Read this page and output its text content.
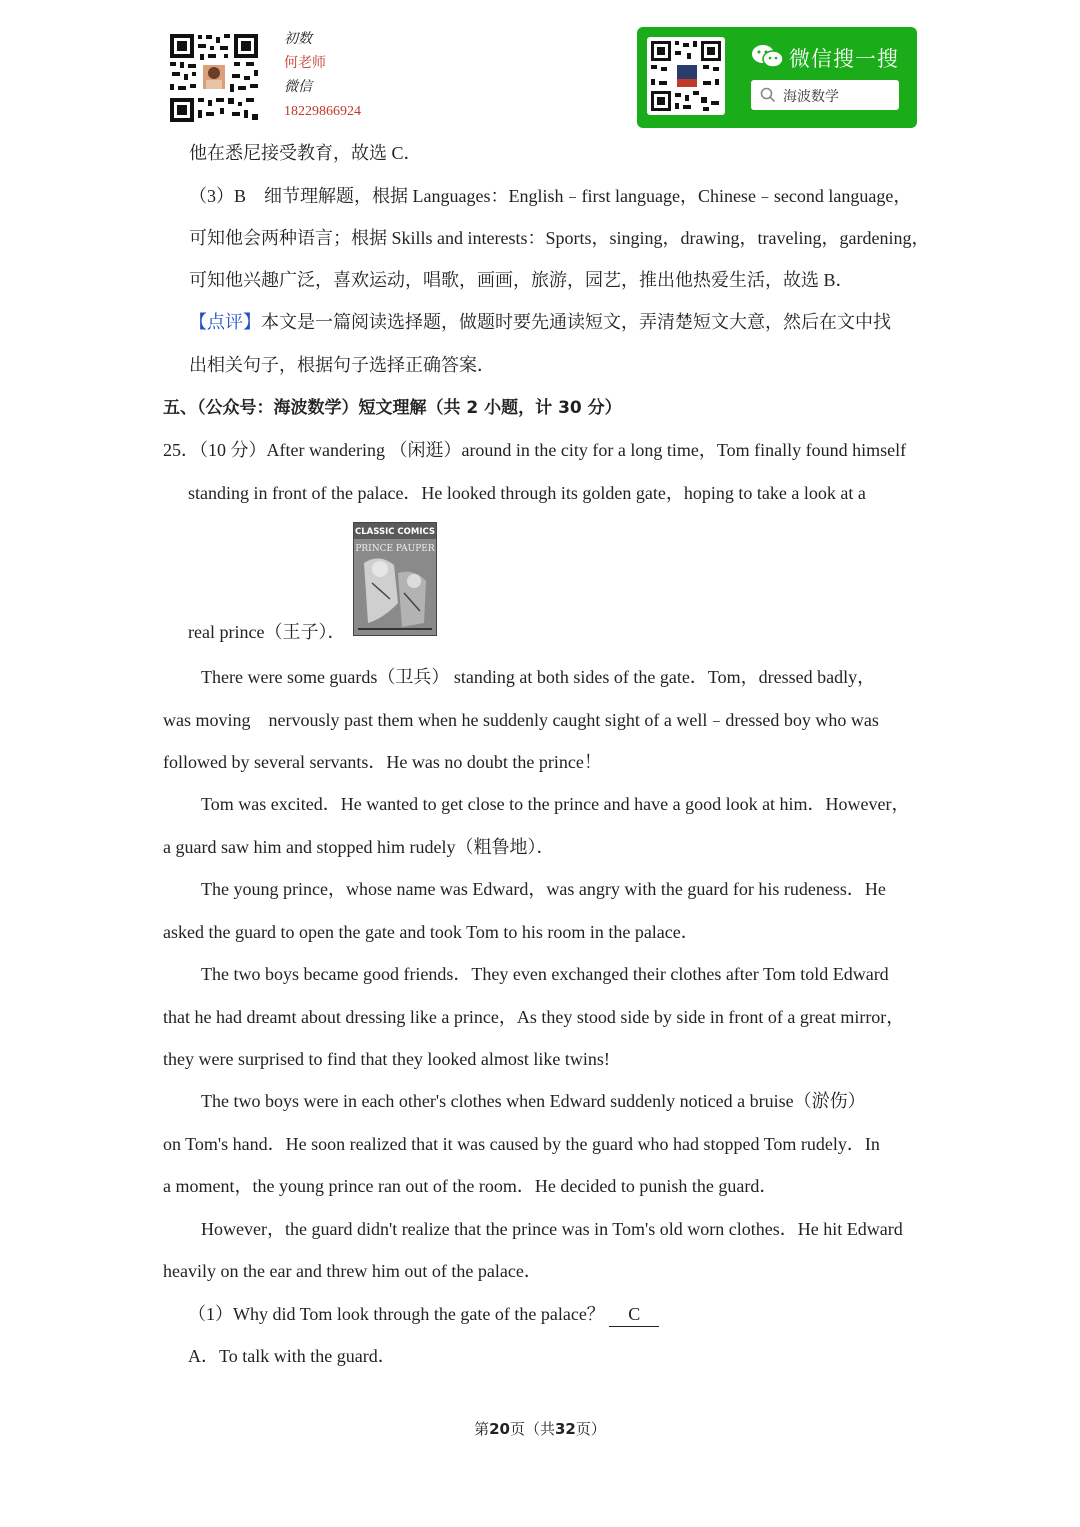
初数
何老师
微信
18229866924
微信搜一搜
海波数学
他在悉尼接受教育，故选 C．
（3）B　细节理解题，根据 Languages：English﹣first language，Chinese﹣second language，
可知他会两种语言；根据 Skills and interests：Sports，singing，drawing，traveling，gardening，
可知他兴趣广泛，喜欢运动，唱歌，画画，旅游，园艺，推出他热爱生活，故选 B．
【点评】本文是一篇阅读选择题，做题时要先通读短文，弄清楚短文大意，然后在文中找
出相关句子，根据句子选择正确答案．
五、（公众号：海波数学）短文理解（共 2 小题，计 30 分）
25．（10 分）After wandering （闲逛）around in the city for a long time，Tom finally found himself
standing in front of the palace．He looked through its golden gate，hoping to take a look at a
CLASSIC COMICS
PRINCE PAUPER
real prince（王子）．
There were some guards（卫兵） standing at both sides of the gate．Tom，dressed badly，
was moving　nervously past them when he suddenly caught sight of a well﹣dressed boy who was
followed by several servants．He was no doubt the prince！
Tom was excited．He wanted to get close to the prince and have a good look at him．However，
a guard saw him and stopped him rudely（粗鲁地）．
The young prince，whose name was Edward，was angry with the guard for his rudeness．He
asked the guard to open the gate and took Tom to his room in the palace．
The two boys became good friends．They even exchanged their clothes after Tom told Edward
that he had dreamt about dressing like a prince，As they stood side by side in front of a great mirror，
they were surprised to find that they looked almost like twins!
The two boys were in each other's clothes when Edward suddenly noticed a bruise（淤伤）
on Tom's hand．He soon realized that it was caused by the guard who had stopped Tom rudely．In
a moment，the young prince ran out of the room．He decided to punish the guard．
However，the guard didn't realize that the prince was in Tom's old worn clothes．He hit Edward
heavily on the ear and threw him out of the palace．
（1）Why did Tom look through the gate of the palace？ C
A．To talk with the guard．
第20页（共32页）
